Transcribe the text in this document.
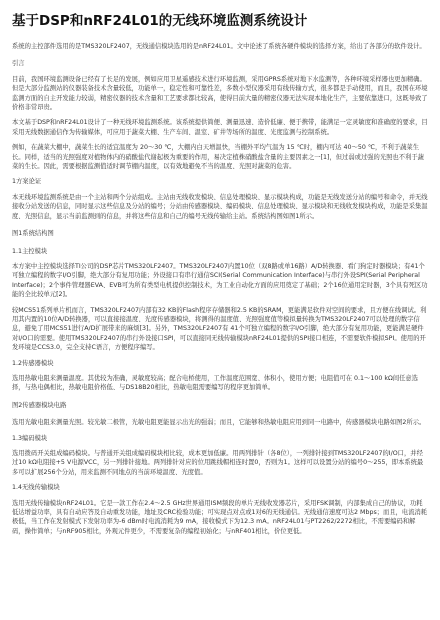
基于DSP和nRF24L01的无线环境监测系统设计

系统的主控部件选用的是TMS320LF2407，无线通信模块选用的是nRF24L01。文中论述了系统各硬件模块的选择方案，给出了各部分的软件设计。

引言

目前，我国环境监测设备已经有了长足的发展，例如应用卫星遥感技术进行环境监测，采用GPRS系统对地下水监测等，各种环境采样器也更加精确。但是大部分监测站的仪器装备技术含量较低，功能单一，稳定性和可靠性差，多数小型仪器采用有线传输方式，很多都是手动使用，而且，我国在环境监测方面的自主开发能力较弱，精密仪器的技术含量和工艺要求都比较高，使得目前大量的精密仪器无法实现本地化生产，主要依靠进口，这既导致了价格非常昂贵。

本文基于DSP和nRF24L01设计了一种无线环境监测系统。该系统提供简便、测量迅速、造价低廉、便于携带，能满足一定灵敏度和准确度的要求，目采用无线数据通信作为传输媒体，可应用于蔬菜大棚、生产车间、温室、矿井等场所的温度、光度监测与控制系统。

例如，在蔬菜大棚中，蔬菜生长的适宜温度为 20～30 ℃，大棚内白天增温快，当棚外平均气温为 15 ℃时，棚内可达 40～50 ℃，不利于蔬菜生长。同样，适当的光照强度对植物体内的硝酸盐代谢起极为重要的作用，易决定植株硝酸盐含量的主要因素之一[1]，但过弱或过强的光照也不利于蔬菜的生长。因此，需要根据监测值适时调节棚内温度，以有效地避免不当的温度、光照对蔬菜的危害。

1方案论证

本无线环境监测系统是由一个主站和两个分站组成。主站由无线收发模块、信息处理模块、显示模块构成，功能是无线发送分站的编号和命令，并无线接收分站发送的信息，同时显示这些信息及分站的编号；分站由传感器模块、编码模块、信息处理模块、显示模块和无线收发模块构成，功能是采集温度、光照信息，显示当前监测到的信息，并将这些信息和自己的编号无线传输给主站。系统结构图如图1所示。

图1系统结构图

1.1主控模块

本方案中主控模块选择TI公司的DSP芯片TMS320LF2407。TMS320LF2407内置10位（双8路或单16路）A/D转换器、看门狗定时器模块；有41个可独立编程的数字I/O引脚，绝大部分有复用功能；外设接口有串行通信SCI(Serial Communication Interface)与串行外设SPI(Serial Peripheral Interface)；2个事件管理器EVA、EVB可为所有类型电机提供控制技术，为工业自动化方面的应用奠定了基础；2个16位通用定时器，3个具有死区功能的全比较单元[2]。

较MCS51系列单片机而言，TMS320LF2407内部有32 KB的Flash程序存储器和2.5 KB的SRAM，更能满足软件对空间的要求，且方便在线调试。利用其内置的10位A/D转换器，可以直接接温度、光度传感器模块，将测得的温度值、光照强度值等模拟量转换为TMS320LF2407可以处理的数字信息，避免了用MCS51进行A/D扩展带来的麻烦[3]。另外，TMS320LF2407有 41个可独立编程的数字I/O引脚，绝大部分有复用功能，更能满足硬件对I/O口的需要。使用TMS320LF2407的串行外设接口SPI，可以直接同无线传输模块nRF24L01提供的SPI接口相连，不需要软件模拟SPI。使用的开发环境是CCS3.0，完全支持C语言，方便程序编写。

1.2传感器模块

选用热敏电阻来测量温度。其优较为准确，灵敏度较高；配合电桥使用，工作温度范围宽、体积小，使用方便；电阻值可在 0.1～100 kΩ间任意选择，与热电偶相比，热敏电阻价格低、与DS18B20相比，热敏电阻需要编写的程序更加简单。

图2传感器模块电路

选用光敏电阻来测量光照。较光敏二极管，光敏电阻更能显示出光的强弱；而且，它能够和热敏电阻应用到同一电路中，传感器模块电路如图2所示。

1.3编码模块

选用拨码开关组成编码模块。与普通开关组成编码模块相比较，成本更加低廉。用两列排针（各8位），一列排针接到TMS320LF2407的I/O口，并经过10 kΩ电阻接+5 V电源VCC，另一列排针接地。两列排针对应的位用跳线帽相连时置0，否则为1。这样可以设置分站的编号0～255，即本系统最多可以扩展256个分站，用来监测不同地点的当前环境温度、光度值。

1.4无线传输模块

选用无线传输模块nRF24L01。它是一款工作在2.4～2.5 GHz世界通用ISM频段的单片无线收发器芯片，采用FSK调制，内部集成自己的协议，功耗低达增益功率，具有自动应答及自动重发功能，地址及CRC检验功能；可实现点对点或1对6的无线通信。无线通信速度可达2 Mbps；而且，电流消耗极低，当工作在发射模式下发射功率为-6 dBm时电流消耗为9 mA，接收模式下为12.3 mA。nRF24L01与PT2262/2272相比，不需要编码和解码，操作简单；与nRF905相比，外观元件更少，不需要复杂的编程初始化；与nRF401相比，价位更低。
